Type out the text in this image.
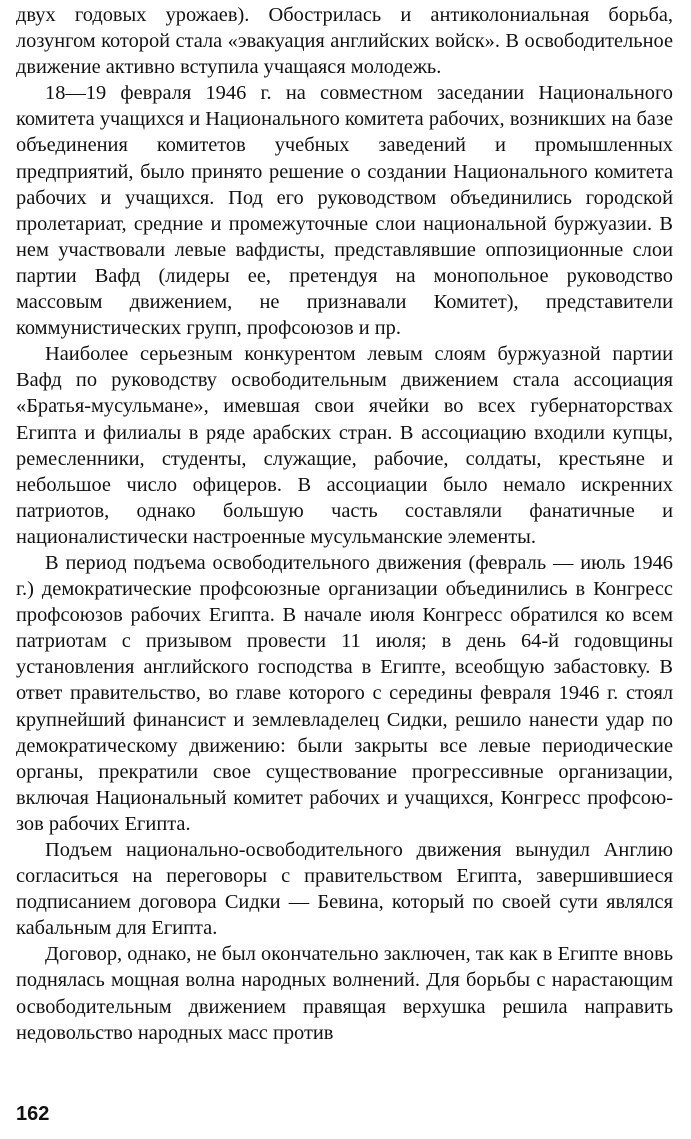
двух годовых урожаев). Обострилась и антиколониальная борьба, лозунгом которой стала «эвакуация английских войск». В освободительное движение активно вступила учащаяся молодежь.

18—19 февраля 1946 г. на совместном заседании Национального комитета учащихся и Национального комитета рабочих, возникших на базе объединения комитетов учебных заведений и промышленных предприятий, было принято решение о создании Национального комитета рабочих и учащихся. Под его руководством объединились городской пролетариат, средние и промежуточные слои национальной буржуазии. В нем участвовали левые вафдисты, представлявшие оппозиционные слои партии Вафд (лидеры ее, претендуя на монопольное руководство массовым движением, не признавали Комитет), представители коммунистических групп, профсоюзов и пр.

Наиболее серьезным конкурентом левым слоям буржуазной партии Вафд по руководству освободительным движением стала ассоциация «Братья-мусульмане», имевшая свои ячейки во всех губернаторствах Египта и филиалы в ряде арабских стран. В ассоциацию входили купцы, ремесленники, студенты, служащие, рабочие, солдаты, крестьяне и небольшое число офицеров. В ассоциации было немало искренних патриотов, однако большую часть составляли фанатичные и националистически настроенные мусульманские элементы.

В период подъема освободительного движения (февраль — июль 1946 г.) демократические профсоюзные организации объединились в Конгресс профсоюзов рабочих Египта. В начале июля Конгресс обратился ко всем патриотам с призывом провести 11 июля; в день 64-й годовщины установления английского господства в Египте, всеобщую забастовку. В ответ правительство, во главе которого с середины февраля 1946 г. стоял крупнейший финансист и землевладелец Сидки, решило нанести удар по демократическому движению: были закрыты все левые периодические органы, прекратили свое существование прогрессивные организации, включая Национальный комитет рабочих и учащихся, Конгресс профсоюзов рабочих Египта.

Подъем национально-освободительного движения вынудил Англию согласиться на переговоры с правительством Египта, завершившиеся подписанием договора Сидки — Бевина, который по своей сути являлся кабальным для Египта.

Договор, однако, не был окончательно заключен, так как в Египте вновь поднялась мощная волна народных волнений. Для борьбы с нарастающим освободительным движением правящая верхушка решила направить недовольство народных масс против

162
